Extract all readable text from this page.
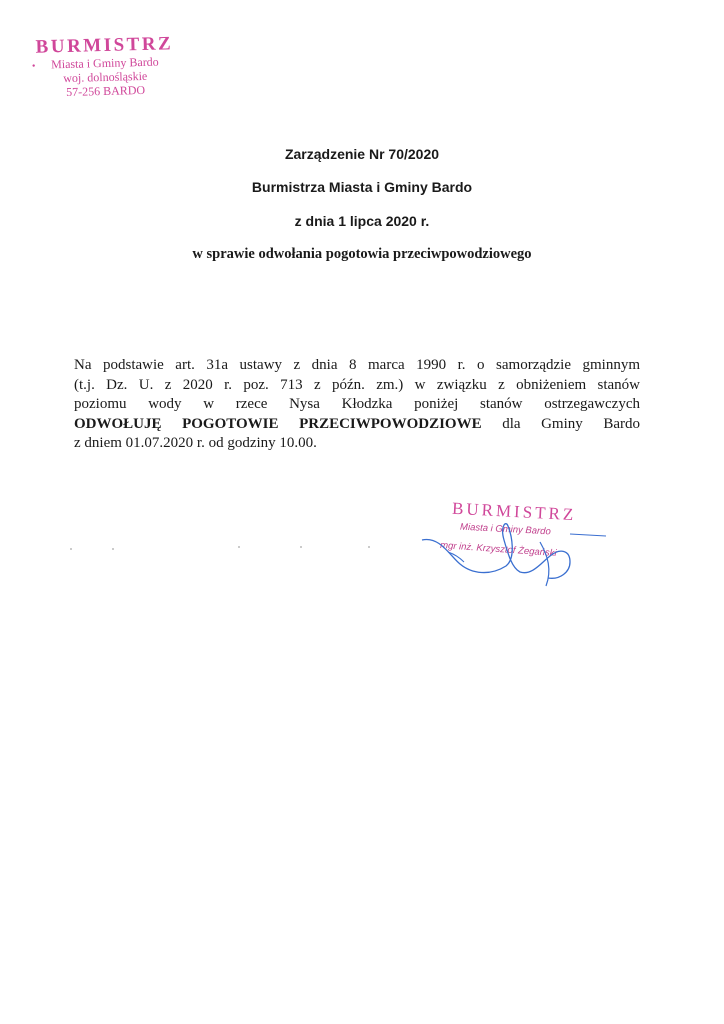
•
BURMISTRZ
Miasta i Gminy Bardo
woj. dolnośląskie
57-256 BARDO
Zarządzenie Nr 70/2020
Burmistrza Miasta i Gminy Bardo
z dnia 1 lipca 2020 r.
w sprawie odwołania pogotowia przeciwpowodziowego
Na podstawie art. 31a ustawy z dnia 8 marca 1990 r. o samorządzie gminnym
(t.j. Dz. U. z 2020 r. poz. 713 z późn. zm.) w związku z obniżeniem stanów
poziomu wody w rzece Nysa Kłodzka poniżej stanów ostrzegawczych
ODWOŁUJĘ POGOTOWIE PRZECIWPOWODZIOWE dla Gminy Bardo
z dniem 01.07.2020 r. od godziny 10.00.
BURMISTRZ
Miasta i Gminy Bardo
mgr inż. Krzysztof Żegański
